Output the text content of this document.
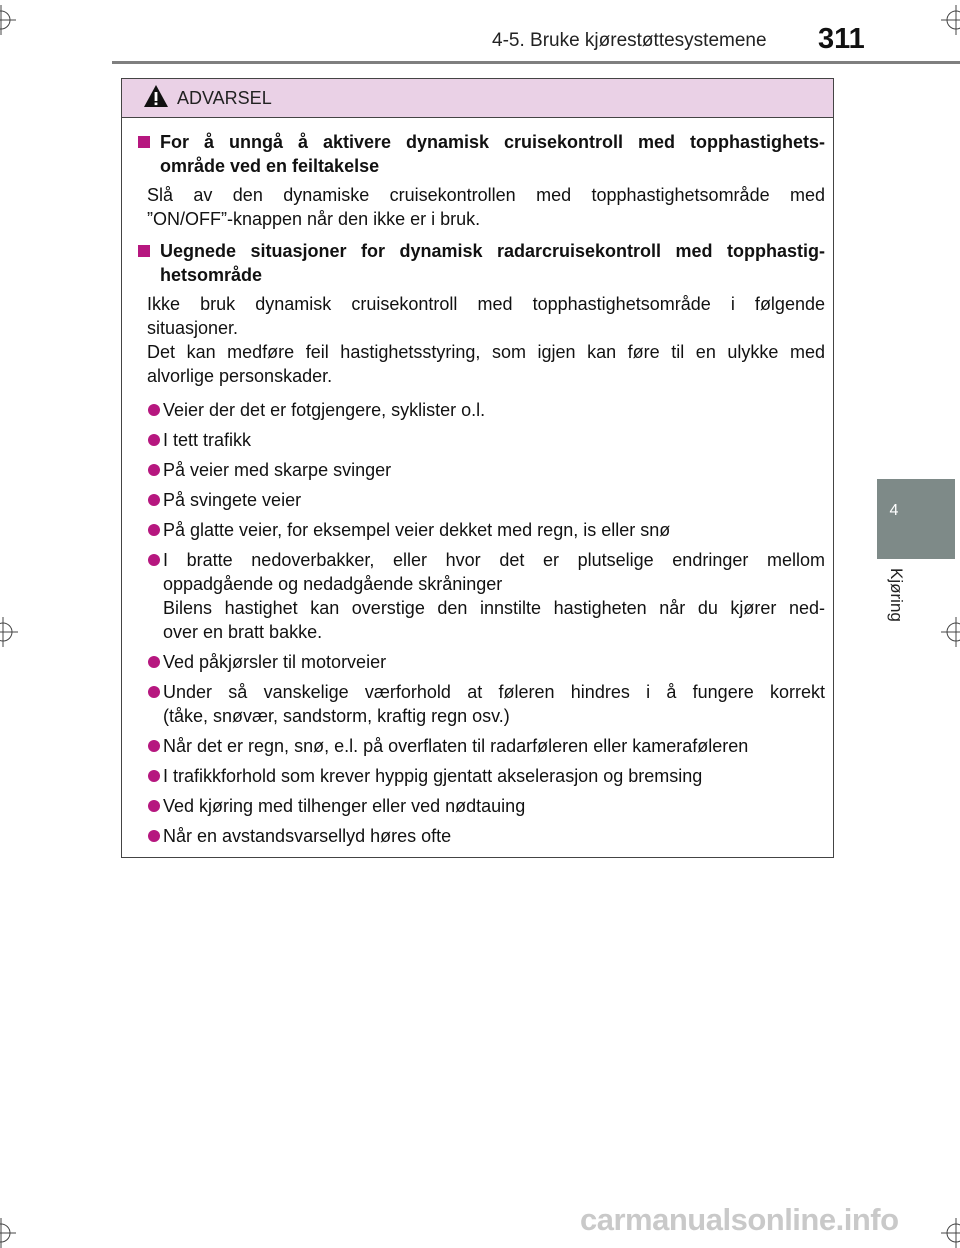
4-5. Bruke kjørestøttesystemene 311
4
Kjøring
ADVARSEL
For å unngå å aktivere dynamisk cruisekontroll med topphastighets-
område ved en feiltakelse
Slå av den dynamiske cruisekontrollen med topphastighetsområde med
”ON/OFF”-knappen når den ikke er i bruk.
Uegnede situasjoner for dynamisk radarcruisekontroll med topphastig-
hetsområde
Ikke bruk dynamisk cruisekontroll med topphastighetsområde i følgende
situasjoner.
Det kan medføre feil hastighetsstyring, som igjen kan føre til en ulykke med
alvorlige personskader.
Veier der det er fotgjengere, syklister o.l.
I tett trafikk
På veier med skarpe svinger
På svingete veier
På glatte veier, for eksempel veier dekket med regn, is eller snø
I bratte nedoverbakker, eller hvor det er plutselige endringer mellom
oppadgående og nedadgående skråninger
Bilens hastighet kan overstige den innstilte hastigheten når du kjører ned-
over en bratt bakke.
Ved påkjørsler til motorveier
Under så vanskelige værforhold at føleren hindres i å fungere korrekt
(tåke, snøvær, sandstorm, kraftig regn osv.)
Når det er regn, snø, e.l. på overflaten til radarføleren eller kameraføleren
I trafikkforhold som krever hyppig gjentatt akselerasjon og bremsing
Ved kjøring med tilhenger eller ved nødtauing
Når en avstandsvarsellyd høres ofte
carmanualsonline.info
